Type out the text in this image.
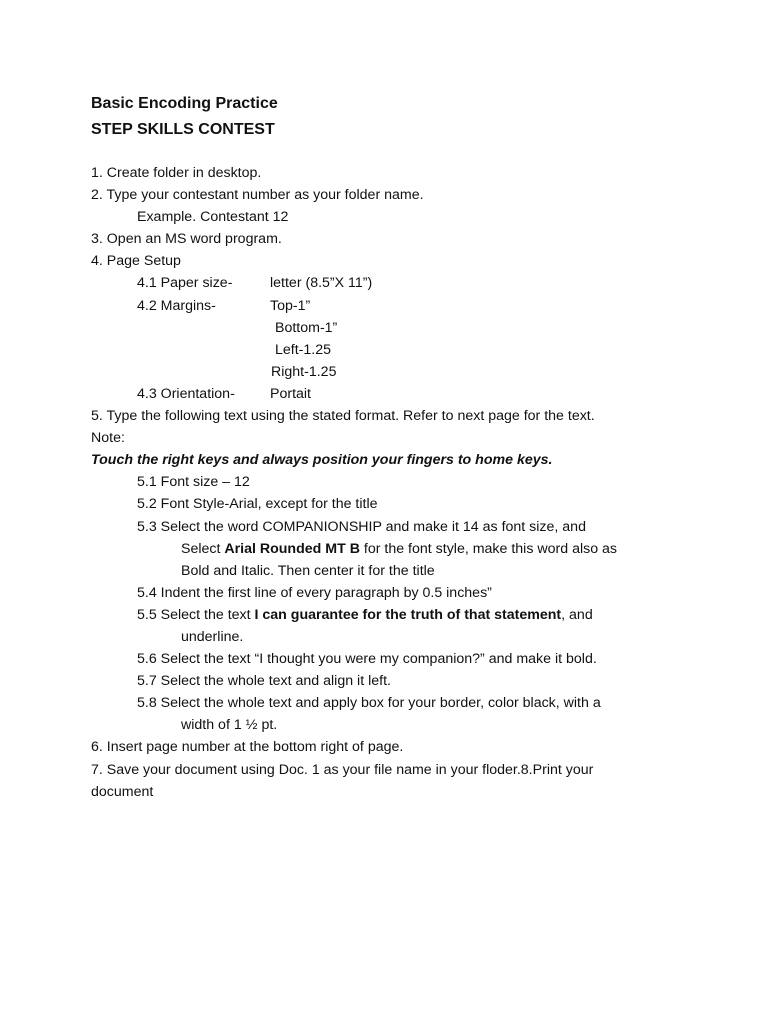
Basic Encoding Practice

STEP SKILLS CONTEST

1. Create folder in desktop.
2. Type your contestant number as your folder name.
Example. Contestant 12
3. Open an MS word program.
4. Page Setup
4.1 Paper size-	letter (8.5”X 11”)
4.2 Margins-	Top-1”
Bottom-1”
Left-1.25
Right-1.25
4.3 Orientation- Portait
5. Type the following text using the stated format. Refer to next page for the text.
Note:
Touch the right keys and always position your fingers to home keys.
5.1 Font size – 12
5.2 Font Style-Arial, except for the title
5.3 Select the word COMPANIONSHIP and make it 14 as font size, and
Select Arial Rounded MT B for the font style, make this word also as
Bold and Italic. Then center it for the title
5.4 Indent the first line of every paragraph by 0.5 inches”
5.5 Select the text I can guarantee for the truth of that statement, and
underline.
5.6 Select the text “I thought you were my companion?” and make it bold.
5.7 Select the whole text and align it left.
5.8 Select the whole text and apply box for your border, color black, with a
width of 1 ½ pt.
6. Insert page number at the bottom right of page.
7. Save your document using Doc. 1 as your file name in your floder.8.Print your
document
